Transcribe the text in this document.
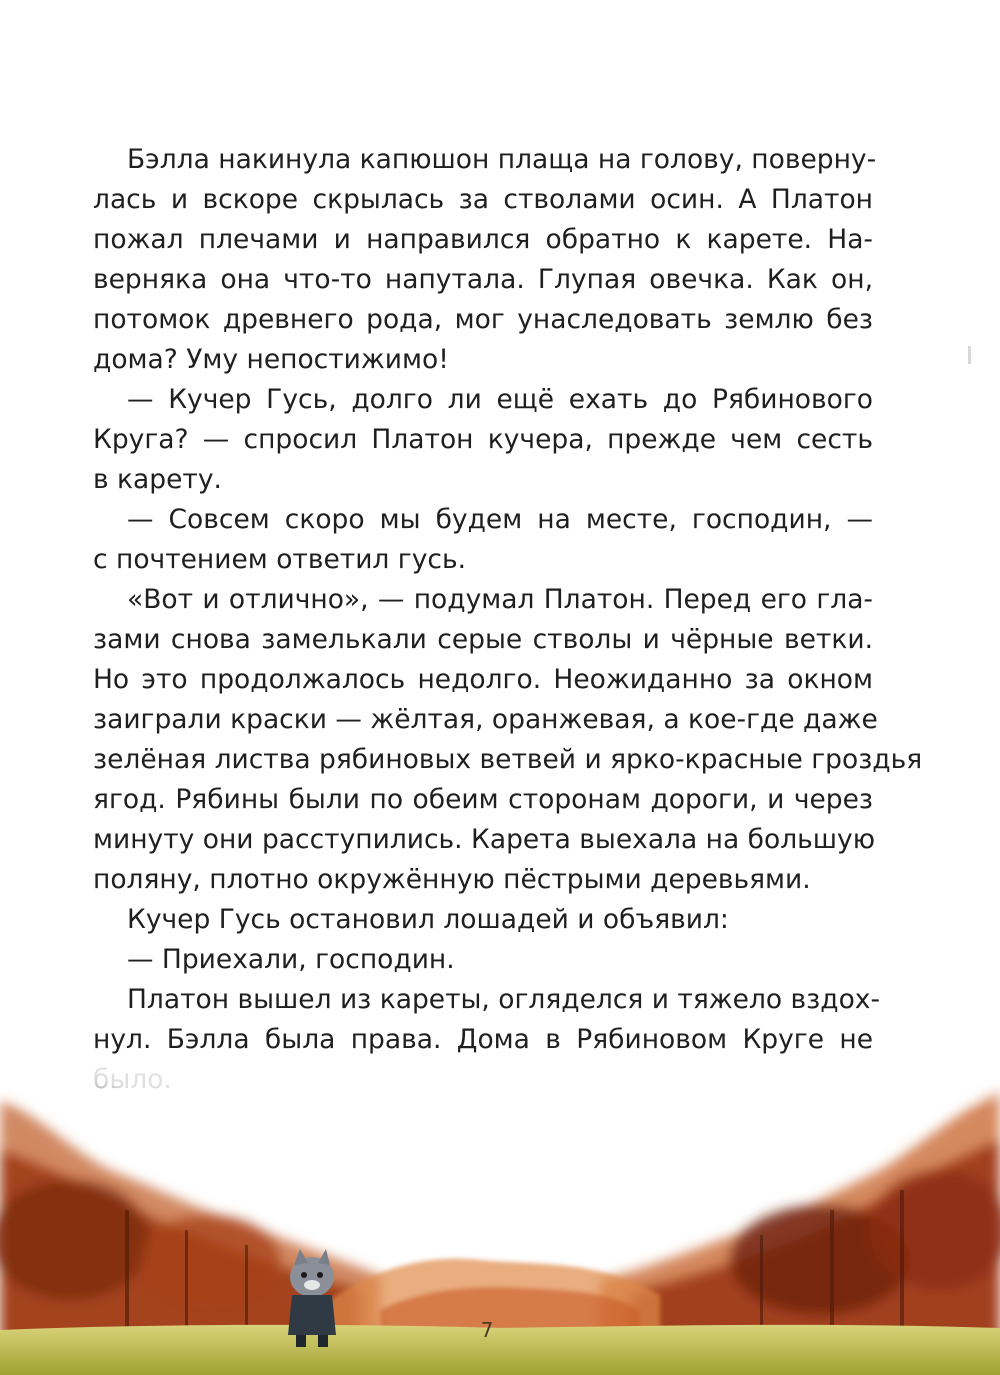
Бэлла накинула капюшон плаща на голову, поверну-
лась и вскоре скрылась за стволами осин. А Платон
пожал плечами и направился обратно к карете. На-
верняка она что-то напутала. Глупая овечка. Как он,
потомок древнего рода, мог унаследовать землю без
дома? Уму непостижимо!
— Кучер Гусь, долго ли ещё ехать до Рябинового
Круга? — спросил Платон кучера, прежде чем сесть
в карету.
— Совсем скоро мы будем на месте, господин, —
с почтением ответил гусь.
«Вот и отлично», — подумал Платон. Перед его гла-
зами снова замелькали серые стволы и чёрные ветки.
Но это продолжалось недолго. Неожиданно за окном
заиграли краски — жёлтая, оранжевая, а кое-где даже
зелёная листва рябиновых ветвей и ярко-красные гроздья
ягод. Рябины были по обеим сторонам дороги, и через
минуту они расступились. Карета выехала на большую
поляну, плотно окружённую пёстрыми деревьями.
Кучер Гусь остановил лошадей и объявил:
— Приехали, господин.
Платон вышел из кареты, огляделся и тяжело вздох-
нул. Бэлла была права. Дома в Рябиновом Круге не
7
